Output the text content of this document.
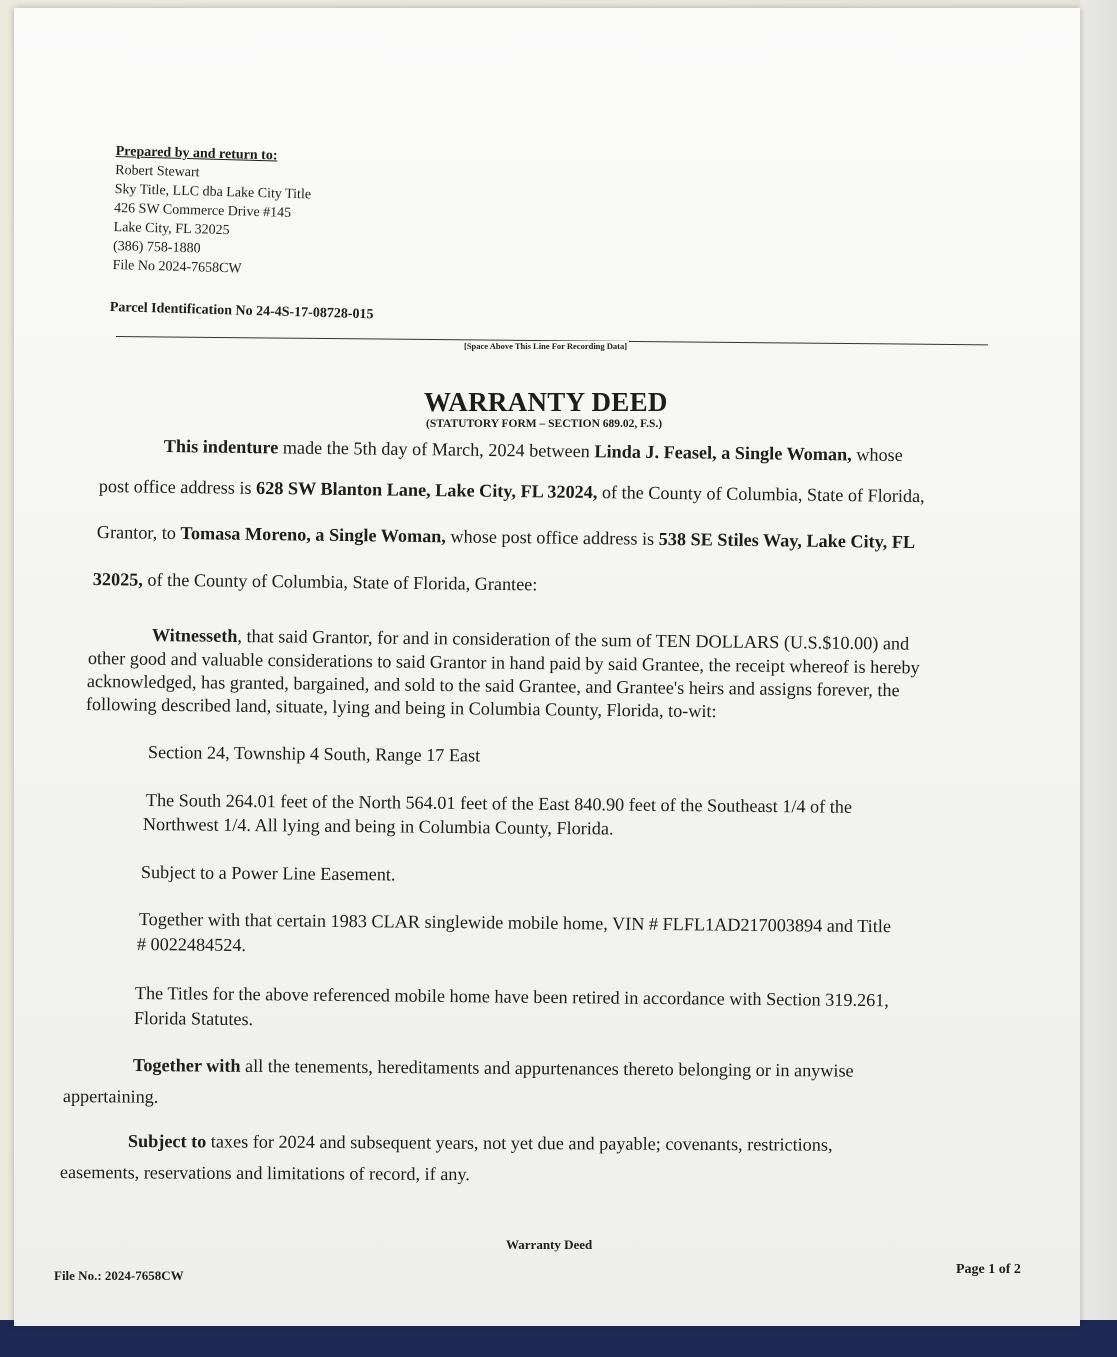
Prepared by and return to:
Robert Stewart
Sky Title, LLC dba Lake City Title
426 SW Commerce Drive #145
Lake City, FL 32025
(386) 758-1880
File No 2024-7658CW
Parcel Identification No 24-4S-17-08728-015
[Space Above This Line For Recording Data]
WARRANTY DEED
(STATUTORY FORM – SECTION 689.02, F.S.)
This indenture made the 5th day of March, 2024 between Linda J. Feasel, a Single Woman, whose
post office address is 628 SW Blanton Lane, Lake City, FL 32024, of the County of Columbia, State of Florida,
Grantor, to Tomasa Moreno, a Single Woman, whose post office address is 538 SE Stiles Way, Lake City, FL
32025, of the County of Columbia, State of Florida, Grantee:
Witnesseth, that said Grantor, for and in consideration of the sum of TEN DOLLARS (U.S.$10.00) and
other good and valuable considerations to said Grantor in hand paid by said Grantee, the receipt whereof is hereby
acknowledged, has granted, bargained, and sold to the said Grantee, and Grantee's heirs and assigns forever, the
following described land, situate, lying and being in Columbia County, Florida, to-wit:
Section 24, Township 4 South, Range 17 East
The South 264.01 feet of the North 564.01 feet of the East 840.90 feet of the Southeast 1/4 of the
Northwest 1/4. All lying and being in Columbia County, Florida.
Subject to a Power Line Easement.
Together with that certain 1983 CLAR singlewide mobile home, VIN # FLFL1AD217003894 and Title
# 0022484524.
The Titles for the above referenced mobile home have been retired in accordance with Section 319.261,
Florida Statutes.
Together with all the tenements, hereditaments and appurtenances thereto belonging or in anywise
appertaining.
Subject to taxes for 2024 and subsequent years, not yet due and payable; covenants, restrictions,
easements, reservations and limitations of record, if any.
Warranty Deed
File No.: 2024-7658CW	Page 1 of 2
